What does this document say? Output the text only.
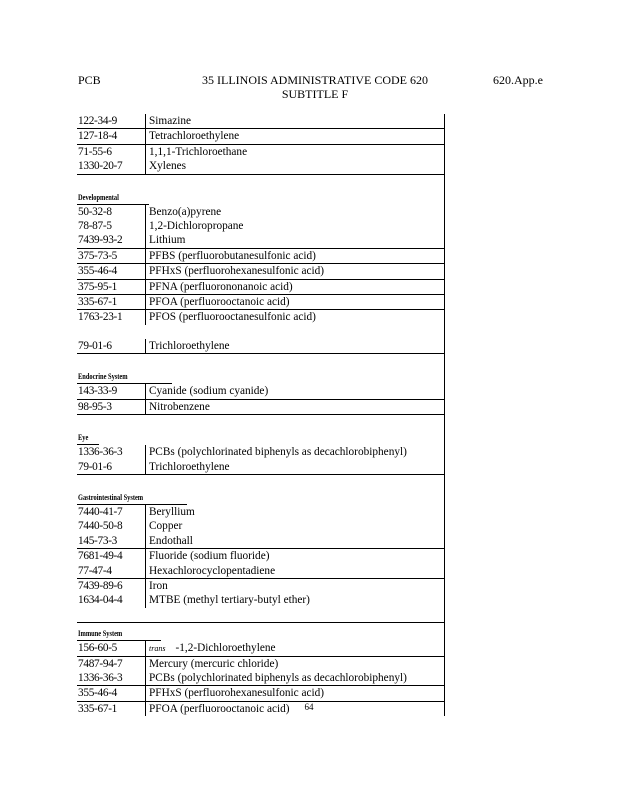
PCB	35 ILLINOIS ADMINISTRATIVE CODE 620
SUBTITLE F
620.App.e
122-34-9	Simazine
127-18-4	Tetrachloroethylene
71-55-6	1,1,1-Trichloroethane
1330-20-7 Xylenes
Developmental
50-32-8	Benzo(a)pyrene
78-87-5	1,2-Dichloropropane
7439-93-2 Lithium
375-73-5	PFBS (perfluorobutanesulfonic acid)
355-46-4	PFHxS (perfluorohexanesulfonic acid)
375-95-1	PFNA (perfluorononanoic acid)
335-67-1	PFOA (perfluorooctanoic acid)
1763-23-1 PFOS (perfluorooctanesulfonic acid)
79-01-6	Trichloroethylene
Endocrine System
143-33-9	Cyanide (sodium cyanide)
98-95-3	Nitrobenzene
Eye
1336-36-3 PCBs (polychlorinated biphenyls as decachlorobiphenyl)
79-01-6	Trichloroethylene
Gastrointestinal System
7440-41-7 Beryllium
7440-50-8 Copper
145-73-3	Endothall
7681-49-4 Fluoride (sodium fluoride)
77-47-4	Hexachlorocyclopentadiene
7439-89-6 Iron
1634-04-4 MTBE (methyl tertiary-butyl ether)
Immune System
156-60-5	trans -1,2-Dichloroethylene
7487-94-7 Mercury (mercuric chloride)
1336-36-3 PCBs (polychlorinated biphenyls as decachlorobiphenyl)
355-46-4	PFHxS (perfluorohexanesulfonic acid)
335-67-1	PFOA (perfluorooctanoic acid)	64
